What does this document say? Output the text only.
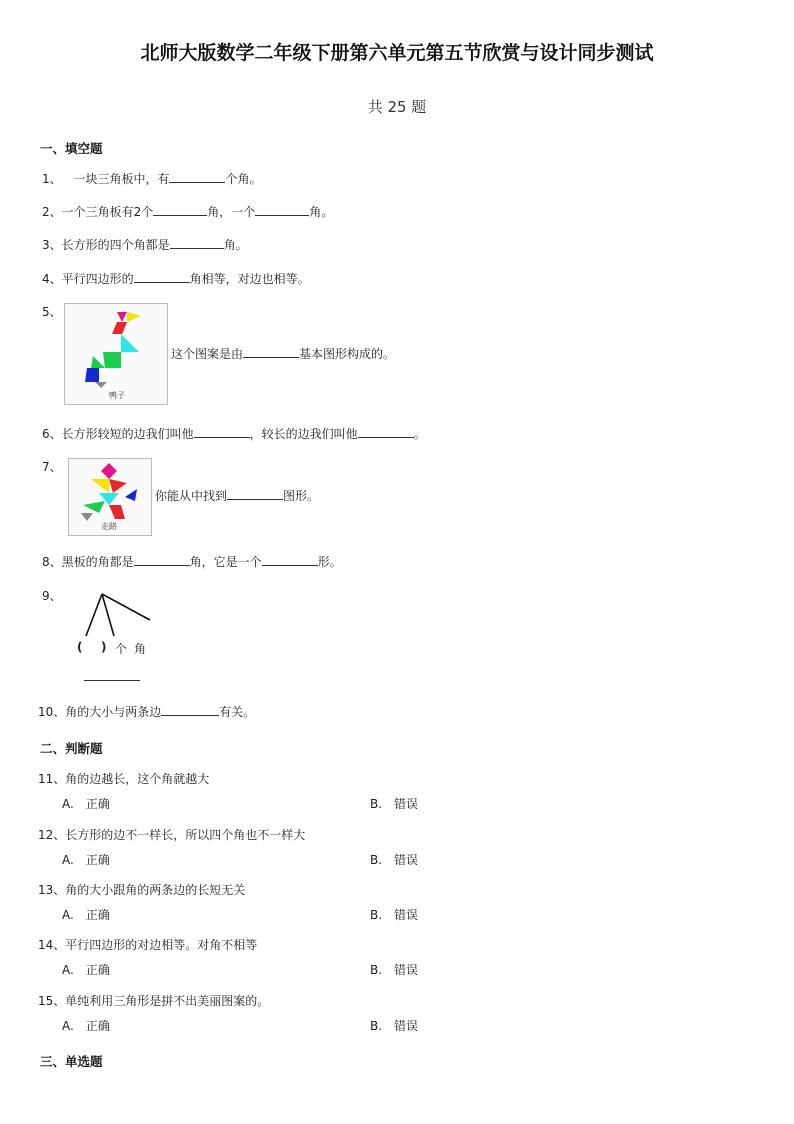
北师大版数学二年级下册第六单元第五节欣赏与设计同步测试
共 25 题
一、填空题
1、 一块三角板中，有	个角。
2、一个三角板有2个	角，一个	角。
3、长方形的四个角都是	角。
4、平行四边形的	角相等，对边也相等。
5、
鸭子
这个图案是由	基本图形构成的。
6、长方形较短的边我们叫他	，较长的边我们叫他	。
7、
走路
你能从中找到	图形。
8、黑板的角都是	角，它是一个	形。
9、
( ) 个 角
10、角的大小与两条边	有关。
二、判断题
11、角的边越长，这个角就越大
A.　正确	B.　错误
12、长方形的边不一样长，所以四个角也不一样大
A.　正确	B.　错误
13、角的大小跟角的两条边的长短无关
A.　正确	B.　错误
14、平行四边形的对边相等。对角不相等
A.　正确	B.　错误
15、单纯利用三角形是拼不出美丽图案的。
A.　正确	B.　错误
三、单选题
